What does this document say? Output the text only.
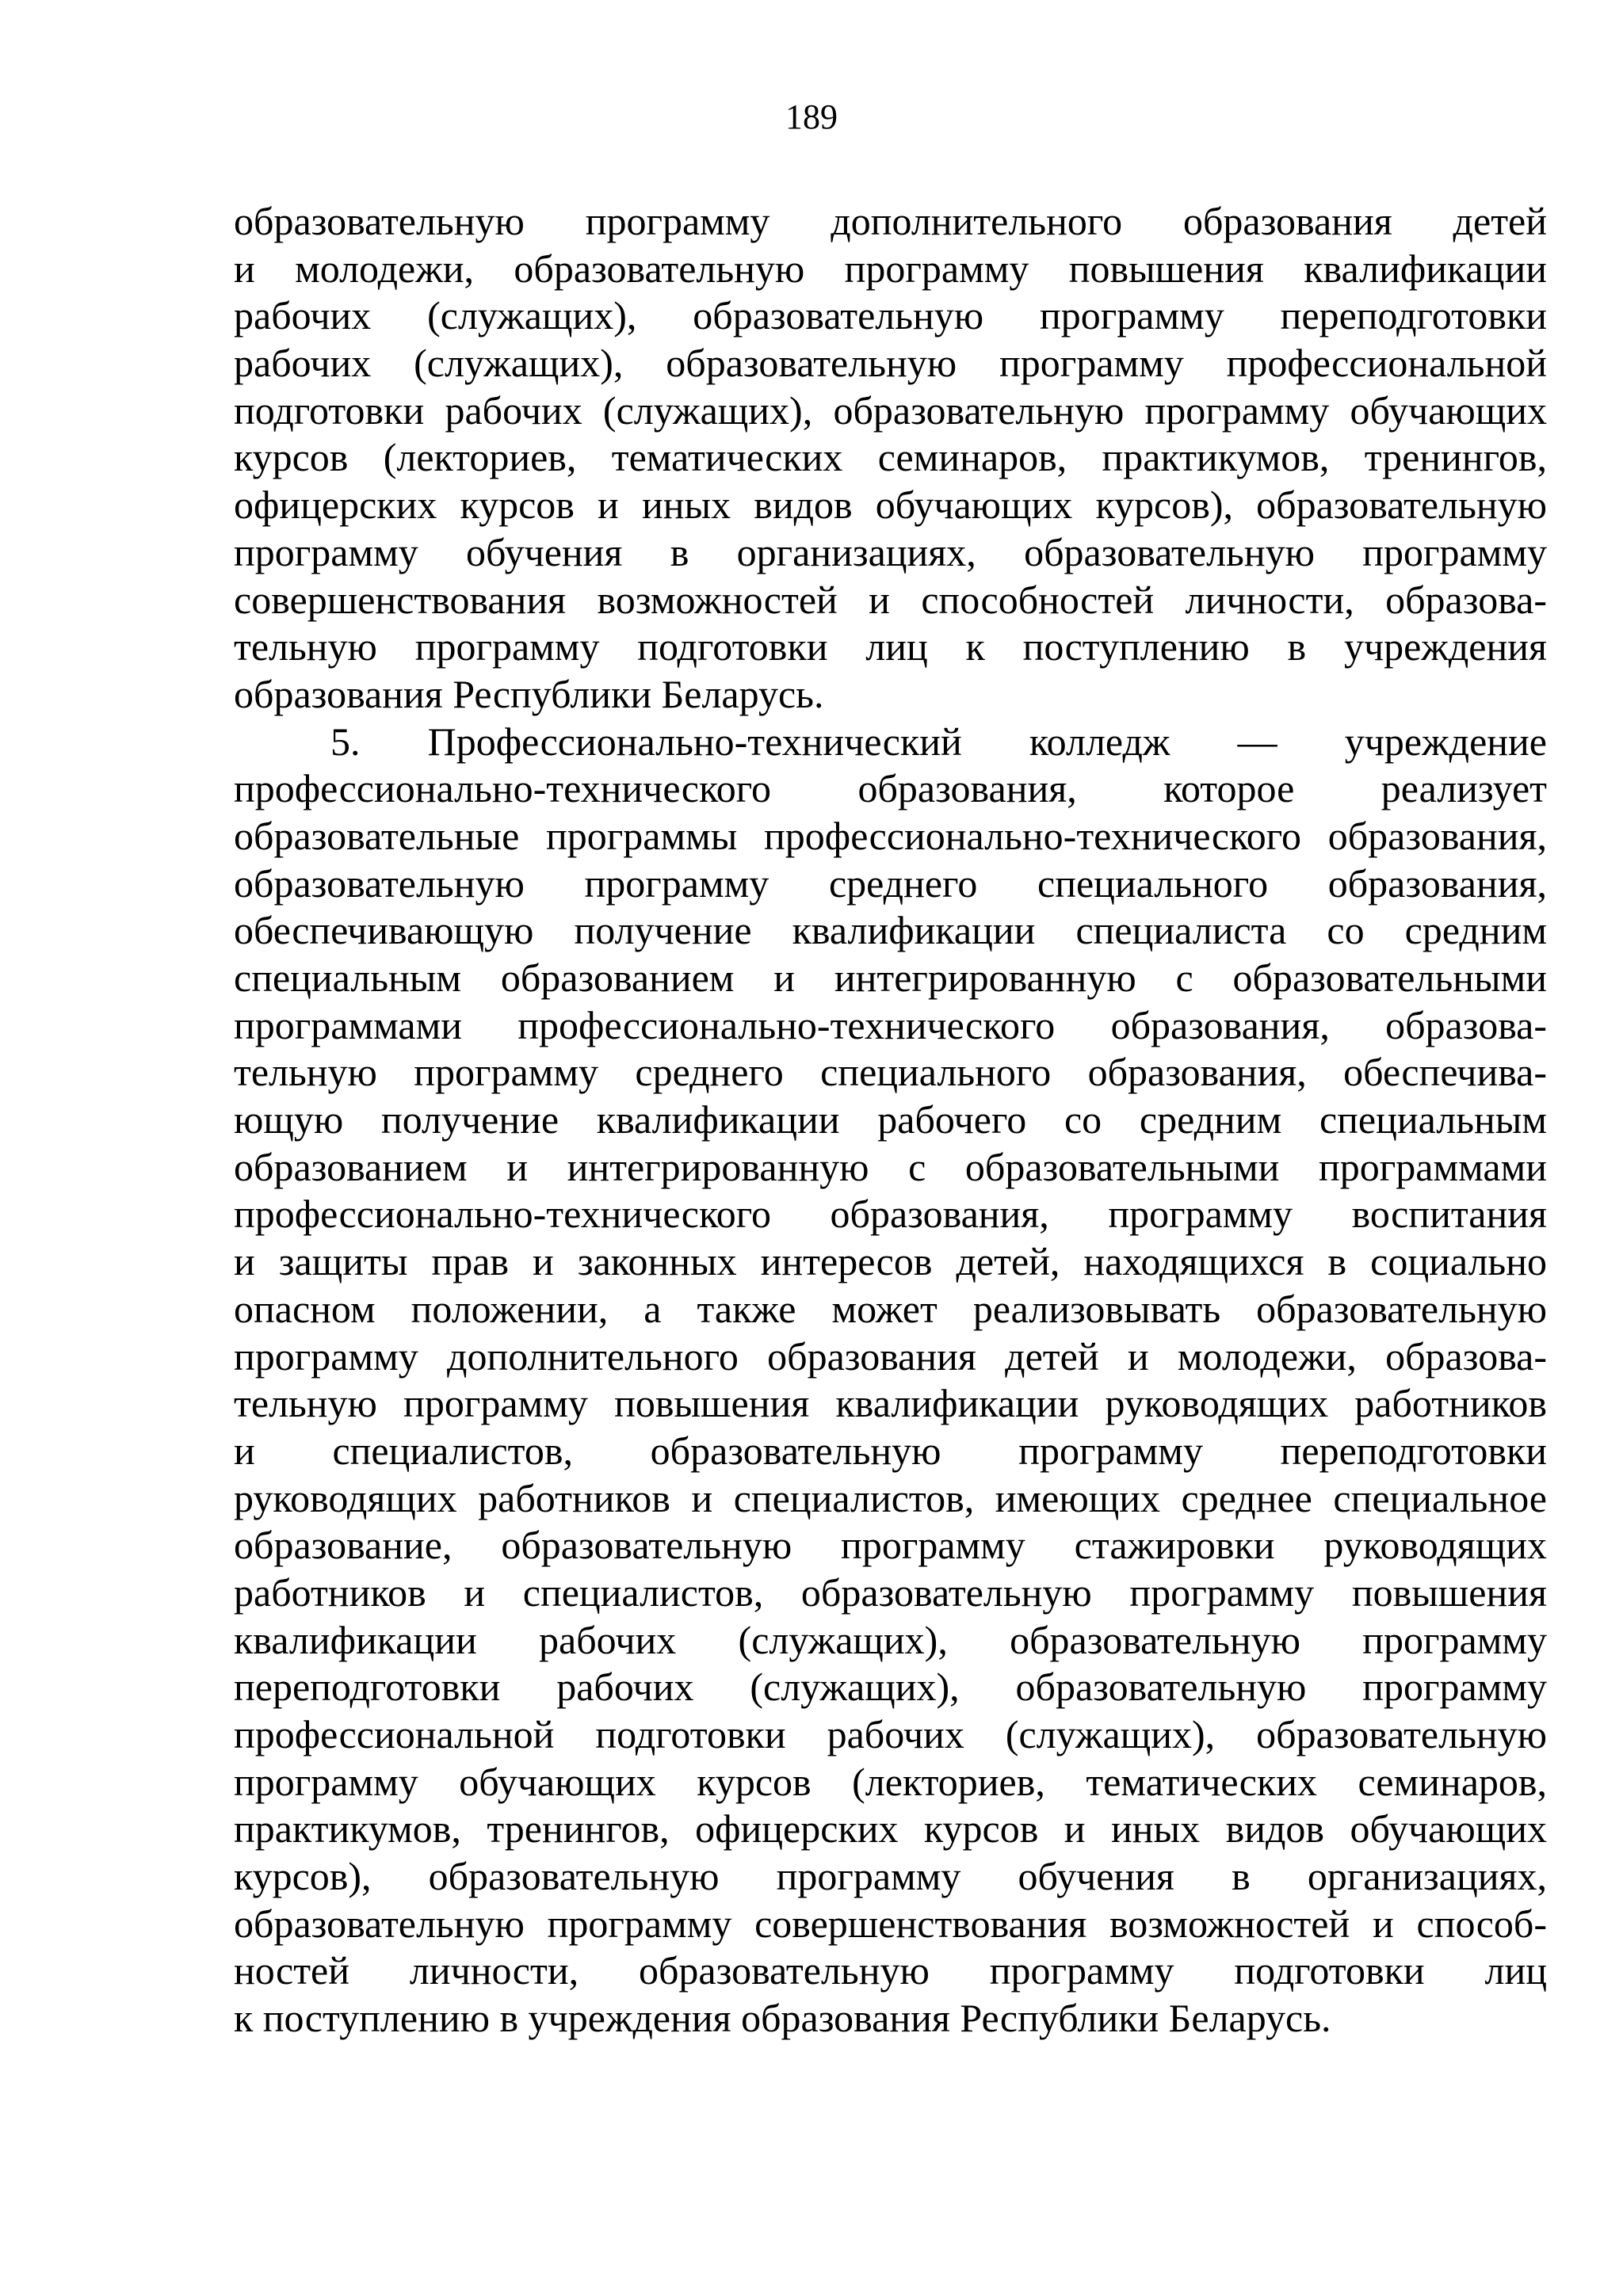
189
образовательную программу дополнительного образования детей
и молодежи, образовательную программу повышения квалификации
рабочих (служащих), образовательную программу переподготовки
рабочих (служащих), образовательную программу профессиональной
подготовки рабочих (служащих), образовательную программу обучающих
курсов (лекториев, тематических семинаров, практикумов, тренингов,
офицерских курсов и иных видов обучающих курсов), образовательную
программу обучения в организациях, образовательную программу
совершенствования возможностей и способностей личности, образова-
тельную программу подготовки лиц к поступлению в учреждения
образования Республики Беларусь.
5. Профессионально-технический колледж — учреждение
профессионально-технического образования, которое реализует
образовательные программы профессионально-технического образования,
образовательную программу среднего специального образования,
обеспечивающую получение квалификации специалиста со средним
специальным образованием и интегрированную с образовательными
программами профессионально-технического образования, образова-
тельную программу среднего специального образования, обеспечива-
ющую получение квалификации рабочего со средним специальным
образованием и интегрированную с образовательными программами
профессионально-технического образования, программу воспитания
и защиты прав и законных интересов детей, находящихся в социально
опасном положении, а также может реализовывать образовательную
программу дополнительного образования детей и молодежи, образова-
тельную программу повышения квалификации руководящих работников
и специалистов, образовательную программу переподготовки
руководящих работников и специалистов, имеющих среднее специальное
образование, образовательную программу стажировки руководящих
работников и специалистов, образовательную программу повышения
квалификации рабочих (служащих), образовательную программу
переподготовки рабочих (служащих), образовательную программу
профессиональной подготовки рабочих (служащих), образовательную
программу обучающих курсов (лекториев, тематических семинаров,
практикумов, тренингов, офицерских курсов и иных видов обучающих
курсов), образовательную программу обучения в организациях,
образовательную программу совершенствования возможностей и способ-
ностей личности, образовательную программу подготовки лиц
к поступлению в учреждения образования Республики Беларусь.
